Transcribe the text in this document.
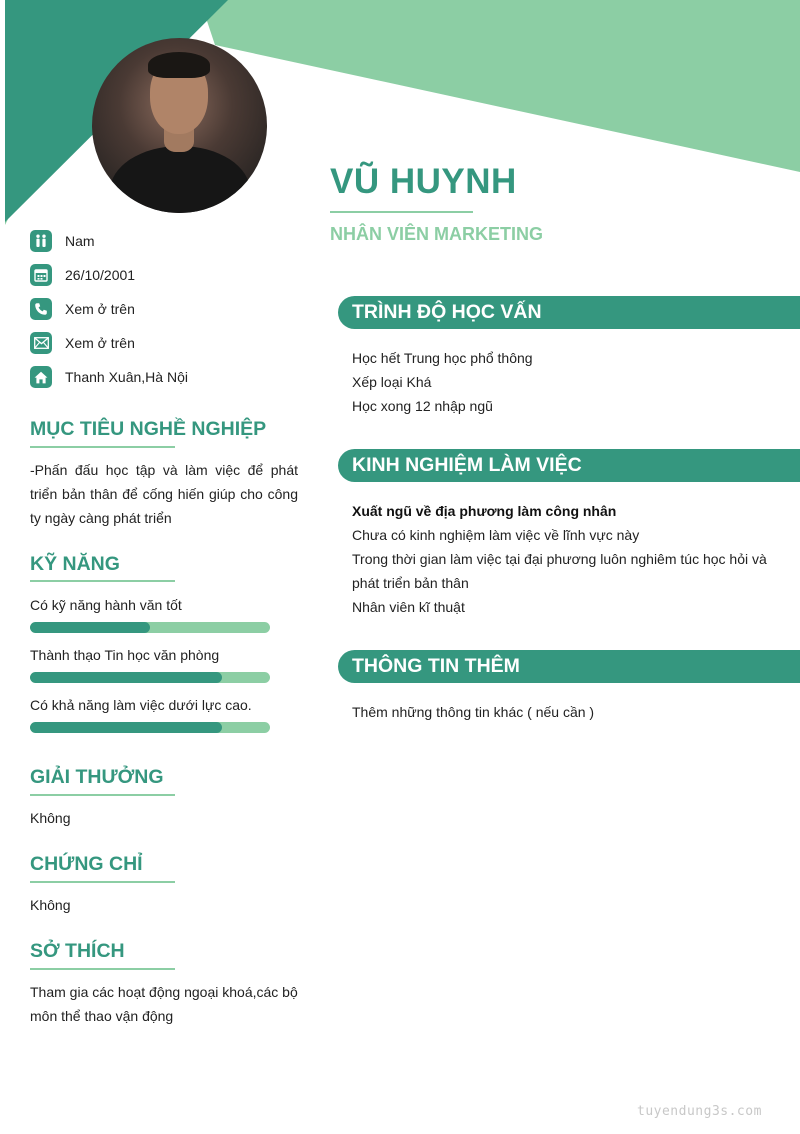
VŨ HUYNH
NHÂN VIÊN MARKETING
Nam
26/10/2001
Xem ở trên
Xem ở trên
Thanh Xuân,Hà Nội
MỤC TIÊU NGHỀ NGHIỆP
-Phấn đấu học tập và làm việc để phát triển bản thân để cống hiến giúp cho công ty ngày càng phát triển
KỸ NĂNG
Có kỹ năng hành văn tốt
Thành thạo Tin học văn phòng
Có khả năng làm việc dưới lực cao.
GIẢI THƯỞNG
Không
CHỨNG CHỈ
Không
SỞ THÍCH
Tham gia các hoạt động ngoại khoá,các bộ môn thể thao vận động
TRÌNH ĐỘ HỌC VẤN
Học hết Trung học phổ thông
Xếp loại Khá
Học xong 12 nhập ngũ
KINH NGHIỆM LÀM VIỆC
Xuất ngũ về địa phương làm công nhân
Chưa có kinh nghiệm làm việc về lĩnh vực này
Trong thời gian làm việc tại đại phương luôn nghiêm túc học hỏi và phát triển bản thân
Nhân viên kĩ thuật
THÔNG TIN THÊM
Thêm những thông tin khác ( nếu cần )
tuyendung3s.com
